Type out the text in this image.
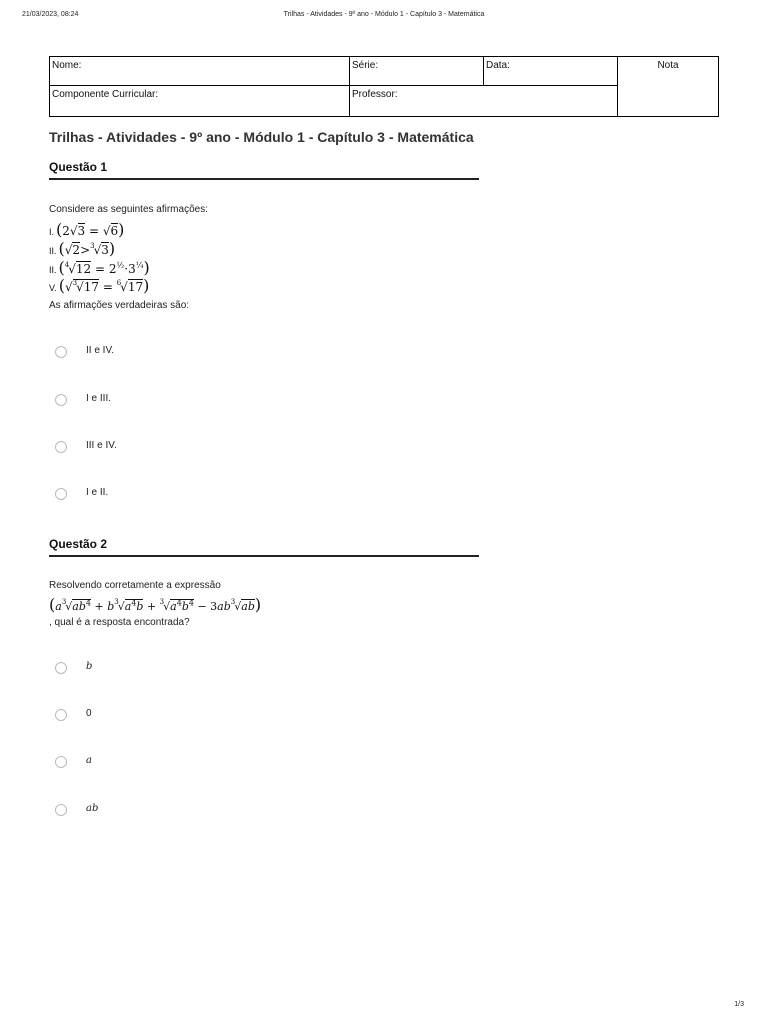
21/03/2023, 08:24	Trilhas - Atividades - 9º ano - Módulo 1 - Capítulo 3 - Matemática
1/3
Nome:	Série:	Data:	Nota
Componente Curricular:	Professor:		
Trilhas - Atividades - 9º ano - Módulo 1 - Capítulo 3 - Matemática
Questão 1
Considere as seguintes afirmações:
I. (2√3 = √6)
II. (√2>$^3$√3)
II. $(^4√12 = 2^{\frac{1}{2}}\cdot 3^{\frac{1}{4}})$
V. (√$^3$√17 = $^6$√17)
As afirmações verdadeiras são:
II e IV.
I e III.
III e IV.
I e II.
Questão 2
Resolvendo corretamente a expressão
$(a^3√ab^4 + b^3√a^4b + ^3√a^4b^4 - 3ab^3√ab)$
, qual é a resposta encontrada?
b
0
a
ab
